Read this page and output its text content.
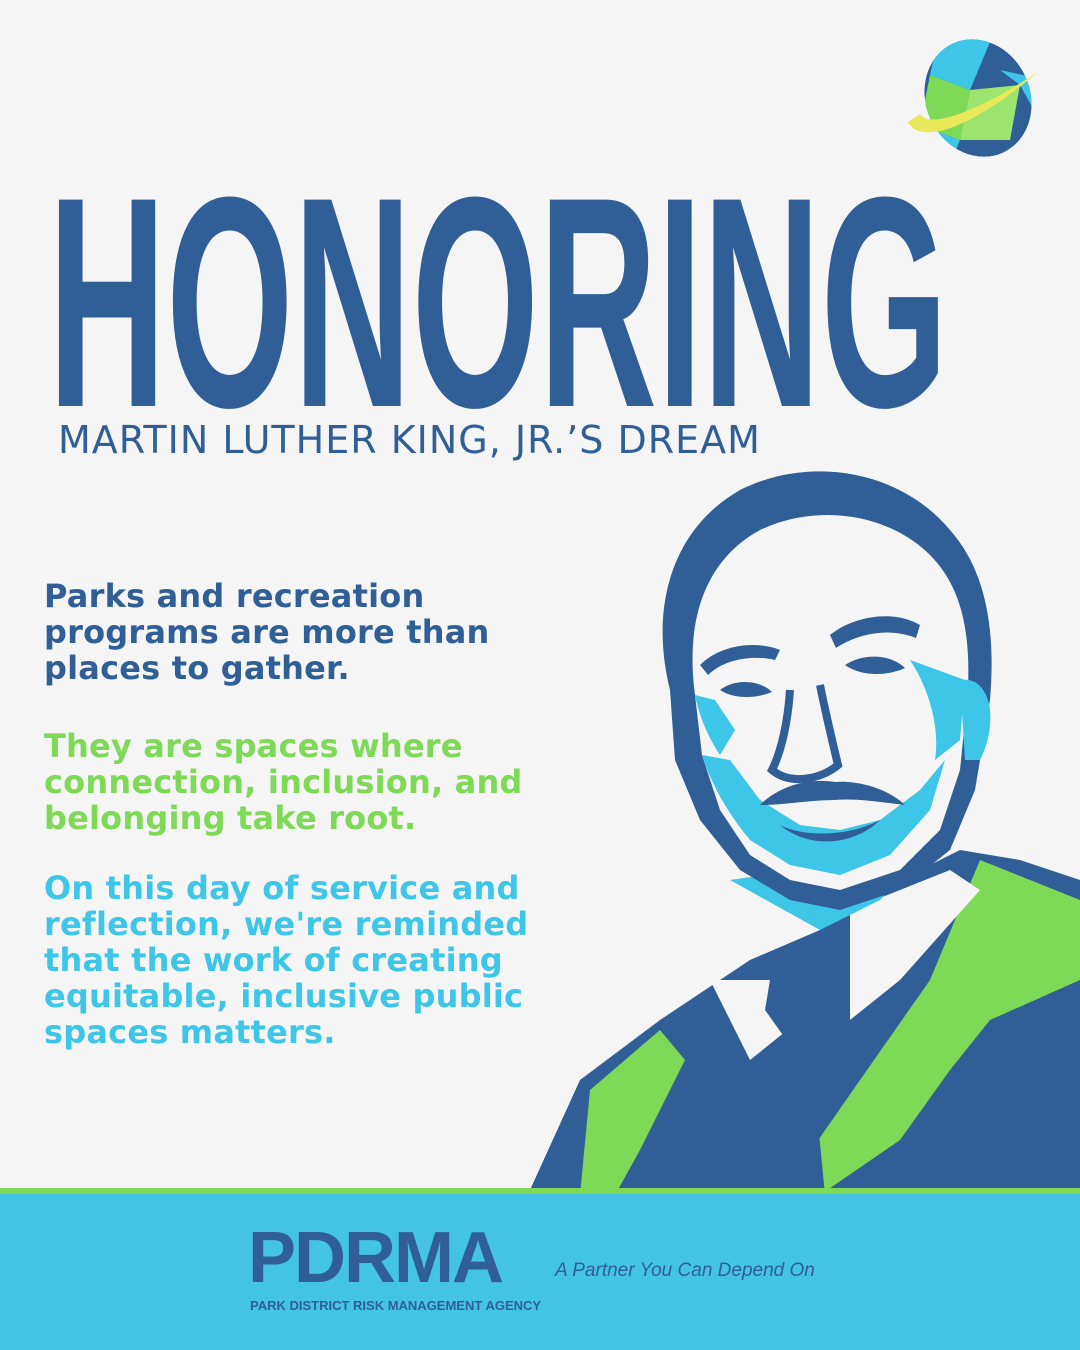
HONORING
MARTIN LUTHER KING, JR.’S DREAM
Parks and recreation programs are more than places to gather.
They are spaces where connection, inclusion, and belonging take root.
On this day of service and reflection, we're reminded that the work of creating equitable, inclusive public spaces matters.
PDRMA
PARK DISTRICT RISK MANAGEMENT AGENCY
A Partner You Can Depend On
